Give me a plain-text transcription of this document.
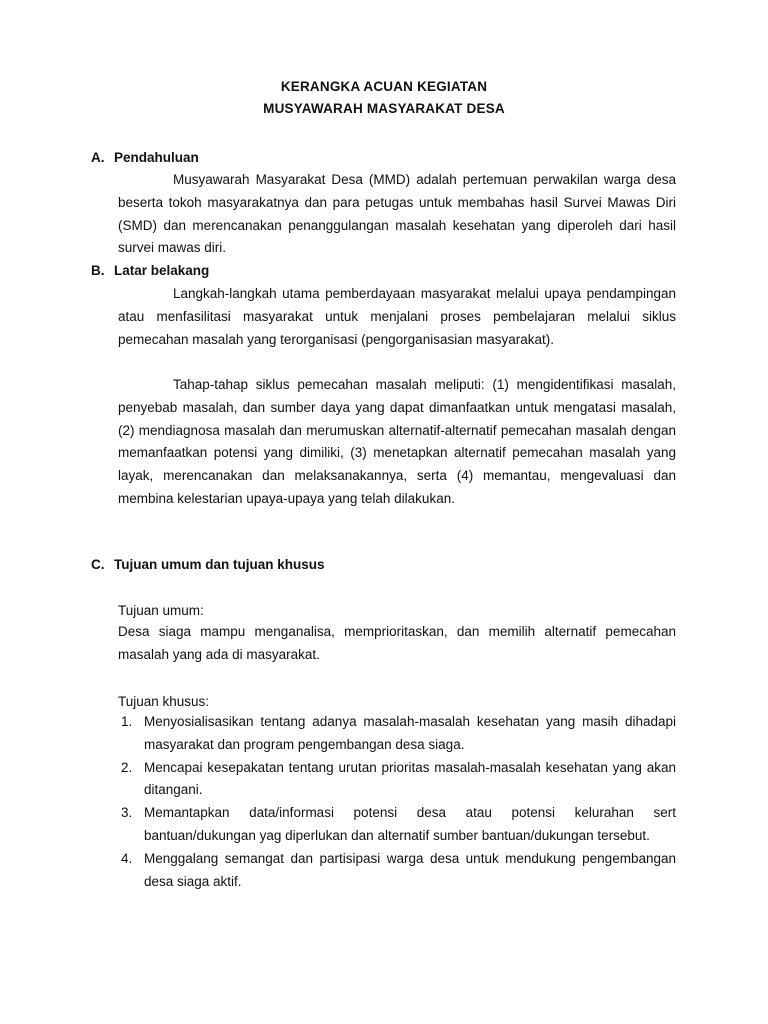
KERANGKA ACUAN KEGIATAN
MUSYAWARAH MASYARAKAT DESA
A. Pendahuluan
Musyawarah Masyarakat Desa (MMD) adalah pertemuan perwakilan warga desa beserta tokoh masyarakatnya dan para petugas untuk membahas hasil Survei Mawas Diri (SMD) dan merencanakan penanggulangan masalah kesehatan yang diperoleh dari hasil survei mawas diri.
B. Latar belakang
Langkah-langkah utama pemberdayaan masyarakat melalui upaya pendampingan atau menfasilitasi masyarakat untuk menjalani proses pembelajaran melalui siklus pemecahan masalah yang terorganisasi (pengorganisasian masyarakat).
Tahap-tahap siklus pemecahan masalah meliputi: (1) mengidentifikasi masalah, penyebab masalah, dan sumber daya yang dapat dimanfaatkan untuk mengatasi masalah, (2) mendiagnosa masalah dan merumuskan alternatif-alternatif pemecahan masalah dengan memanfaatkan potensi yang dimiliki, (3) menetapkan alternatif pemecahan masalah yang layak, merencanakan dan melaksanakannya, serta (4) memantau, mengevaluasi dan membina kelestarian upaya-upaya yang telah dilakukan.
C. Tujuan umum dan tujuan khusus
Tujuan umum:
Desa siaga mampu menganalisa, memprioritaskan, dan memilih alternatif pemecahan masalah yang ada di masyarakat.
Tujuan khusus:
1. Menyosialisasikan tentang adanya masalah-masalah kesehatan yang masih dihadapi masyarakat dan program pengembangan desa siaga.
2. Mencapai kesepakatan tentang urutan prioritas masalah-masalah kesehatan yang akan ditangani.
3. Memantapkan data/informasi potensi desa atau potensi kelurahan sert bantuan/dukungan yag diperlukan dan alternatif sumber bantuan/dukungan tersebut.
4. Menggalang semangat dan partisipasi warga desa untuk mendukung pengembangan desa siaga aktif.
